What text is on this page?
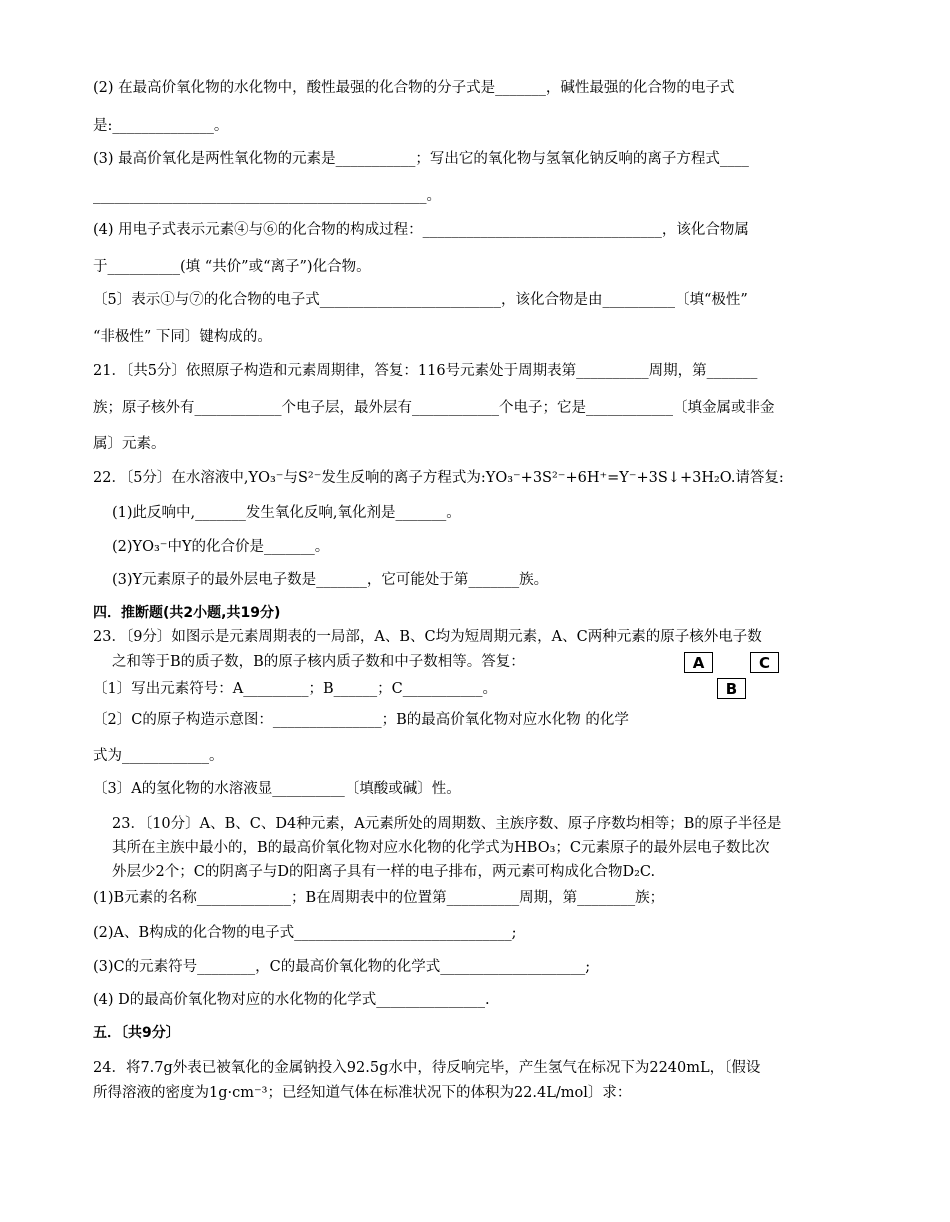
(2) 在最高价氧化物的水化物中，酸性最强的化合物的分子式是_______，碱性最强的化合物的电子式
是:______________。
(3) 最高价氧化是两性氧化物的元素是___________；写出它的氧化物与氢氧化钠反响的离子方程式____
______________________________________________。
(4) 用电子式表示元素④与⑥的化合物的构成过程：_________________________________，该化合物属
于__________(填 “共价”或“离子”)化合物。
〔5〕表示①与⑦的化合物的电子式_________________________，该化合物是由__________〔填“极性”
“非极性” 下同〕键构成的。
21．〔共5分〕依照原子构造和元素周期律，答复：116号元素处于周期表第__________周期，第_______
族；原子核外有____________个电子层，最外层有____________个电子；它是____________〔填金属或非金
属〕元素。
22．〔5分〕在水溶液中,YO₃⁻与S²⁻发生反响的离子方程式为:YO₃⁻+3S²⁻+6H⁺=Y⁻+3S↓+3H₂O.请答复:
(1)此反响中,_______发生氧化反响,氧化剂是_______。
(2)YO₃⁻中Y的化合价是_______。
(3)Y元素原子的最外层电子数是_______，它可能处于第_______族。
四．推断题(共2小题,共19分)
23．〔9分〕如图示是元素周期表的一局部，A、B、C均为短周期元素，A、C两种元素的原子核外电子数
之和等于B的质子数，B的原子核内质子数和中子数相等。答复：
〔1〕写出元素符号：A_________；B______；C___________。
〔2〕C的原子构造示意图：_______________；B的最高价氧化物对应水化物 的化学
式为____________。
〔3〕A的氢化物的水溶液显__________〔填酸或碱〕性。
23．〔10分〕A、B、C、D4种元素，A元素所处的周期数、主族序数、原子序数均相等；B的原子半径是
其所在主族中最小的，B的最高价氧化物对应水化物的化学式为HBO₃；C元素原子的最外层电子数比次
外层少2个；C的阴离子与D的阳离子具有一样的电子排布，两元素可构成化合物D₂C.
(1)B元素的名称_____________；B在周期表中的位置第__________周期，第________族；
(2)A、B构成的化合物的电子式______________________________;
(3)C的元素符号________，C的最高价氧化物的化学式____________________;
(4) D的最高价氧化物对应的水化物的化学式_______________.
五．〔共9分〕
24．将7.7g外表已被氧化的金属钠投入92.5g水中，待反响完毕，产生氢气在标况下为2240mL，〔假设
所得溶液的密度为1g·cm⁻³；已经知道气体在标准状况下的体积为22.4L/mol〕求：
A	C
B
